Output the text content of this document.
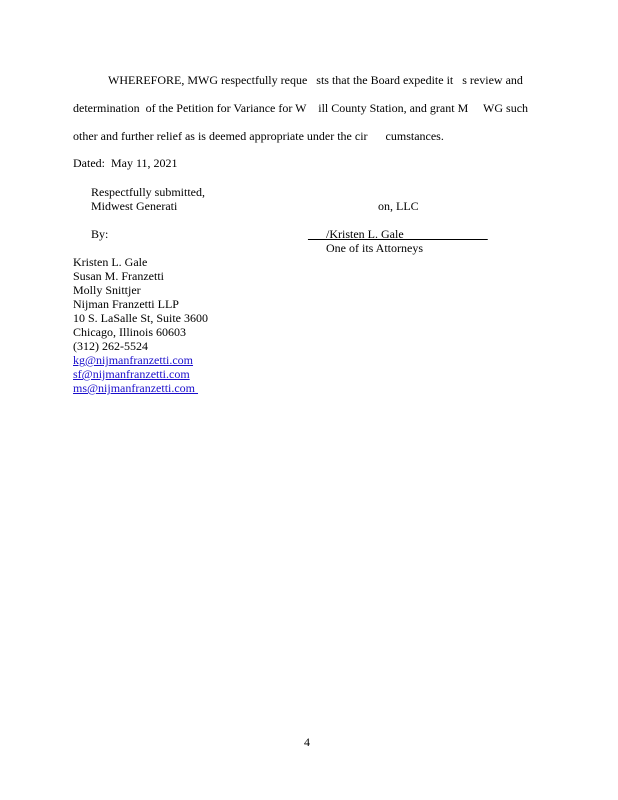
WHEREFORE, MWG respectfully reque   sts that the Board expedite it   s review and
determination  of the Petition for Variance for W    ill County Station, and grant M     WG such
other and further relief as is deemed appropriate under the cir      cumstances.
Dated:  May 11, 2021
Respectfully submitted,
Midwest Generati	on, LLC
By:	___/Kristen L. Gale______________
One of its Attorneys
Kristen L. Gale
Susan M. Franzetti
Molly Snittjer
Nijman Franzetti LLP
10 S. LaSalle St, Suite 3600
Chicago, Illinois 60603
(312) 262-5524
kg@nijmanfranzetti.com
sf@nijmanfranzetti.com
ms@nijmanfranzetti.com
4
